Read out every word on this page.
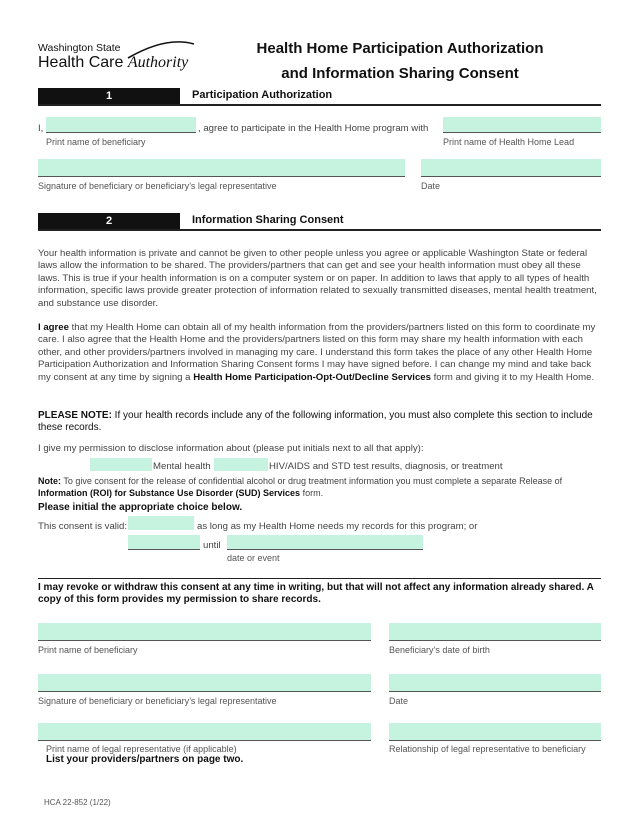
Washington State
Health Care Authority
Health Home Participation Authorization
and Information Sharing Consent
1	Participation Authorization
I,	, agree to participate in the Health Home program with
Print name of beneficiary	Print name of Health Home Lead
Signature of beneficiary or beneficiary’s legal representative	Date
2	Information Sharing Consent
Your health information is private and cannot be given to other people unless you agree or applicable Washington State or federal laws allow the information to be shared. The providers/partners that can get and see your health information must obey all these laws. This is true if your health information is on a computer system or on paper. In addition to laws that apply to all types of health information, specific laws provide greater protection of information related to sexually transmitted diseases, mental health treatment, and substance use disorder.
I agree that my Health Home can obtain all of my health information from the providers/partners listed on this form to coordinate my care. I also agree that the Health Home and the providers/partners listed on this form may share my health information with each other, and other providers/partners involved in managing my care. I understand this form takes the place of any other Health Home Participation Authorization and Information Sharing Consent forms I may have signed before. I can change my mind and take back my consent at any time by signing a Health Home Participation-Opt-Out/Decline Services form and giving it to my Health Home.
PLEASE NOTE: If your health records include any of the following information, you must also complete this section to include these records.
I give my permission to disclose information about (please put initials next to all that apply):
Mental health	HIV/AIDS and STD test results, diagnosis, or treatment
Note: To give consent for the release of confidential alcohol or drug treatment information you must complete a separate Release of Information (ROI) for Substance Use Disorder (SUD) Services form.
Please initial the appropriate choice below.
This consent is valid:	as long as my Health Home needs my records for this program; or
until
date or event
I may revoke or withdraw this consent at any time in writing, but that will not affect any information already shared. A copy of this form provides my permission to share records.
Print name of beneficiary	Beneficiary’s date of birth
Signature of beneficiary or beneficiary’s legal representative	Date
Print name of legal representative (if applicable)	Relationship of legal representative to beneficiary
List your providers/partners on page two.
HCA 22-852 (1/22)
